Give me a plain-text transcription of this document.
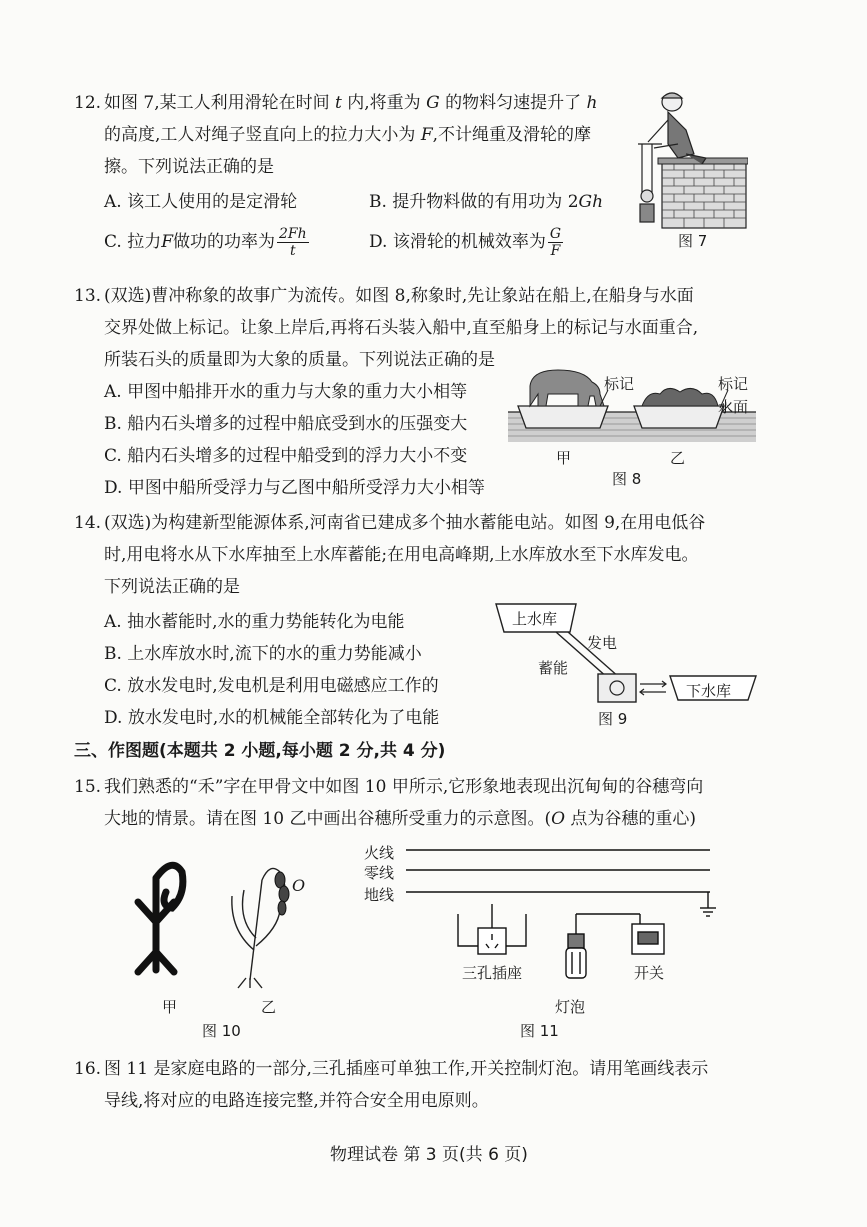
12. 如图 7,某工人利用滑轮在时间 t 内,将重为 G 的物料匀速提升了 h
的高度,工人对绳子竖直向上的拉力大小为 F,不计绳重及滑轮的摩
擦。下列说法正确的是
A. 该工人使用的是定滑轮	B. 提升物料做的有用功为 2Gh
C. 拉力F做功的功率为 $\frac{2Fh}{t}$	D. 该滑轮的机械效率为 $\frac{G}{F}$	图 7
13. (双选)曹冲称象的故事广为流传。如图 8,称象时,先让象站在船上,在船身与水面
交界处做上标记。让象上岸后,再将石头装入船中,直至船身上的标记与水面重合,
所装石头的质量即为大象的质量。下列说法正确的是
A. 甲图中船排开水的重力与大象的重力大小相等
B. 船内石头增多的过程中船底受到水的压强变大
C. 船内石头增多的过程中船受到的浮力大小不变
D. 甲图中船所受浮力与乙图中船所受浮力大小相等
标记	标记
水面
甲	乙
图 8
14. (双选)为构建新型能源体系,河南省已建成多个抽水蓄能电站。如图 9,在用电低谷
时,用电将水从下水库抽至上水库蓄能;在用电高峰期,上水库放水至下水库发电。
下列说法正确的是
A. 抽水蓄能时,水的重力势能转化为电能
B. 上水库放水时,流下的水的重力势能减小
C. 放水发电时,发电机是利用电磁感应工作的
D. 放水发电时,水的机械能全部转化为了电能
上水库
发电
蓄能
下水库
图 9
三、作图题(本题共 2 小题,每小题 2 分,共 4 分)
15. 我们熟悉的“禾”字在甲骨文中如图 10 甲所示,它形象地表现出沉甸甸的谷穗弯向
大地的情景。请在图 10 乙中画出谷穗所受重力的示意图。(O 点为谷穗的重心)
O
甲	乙
图 10
火线
零线
地线
三孔插座
灯泡
开关
图 11
16. 图 11 是家庭电路的一部分,三孔插座可单独工作,开关控制灯泡。请用笔画线表示
导线,将对应的电路连接完整,并符合安全用电原则。
物理试卷 第 3 页(共 6 页)
